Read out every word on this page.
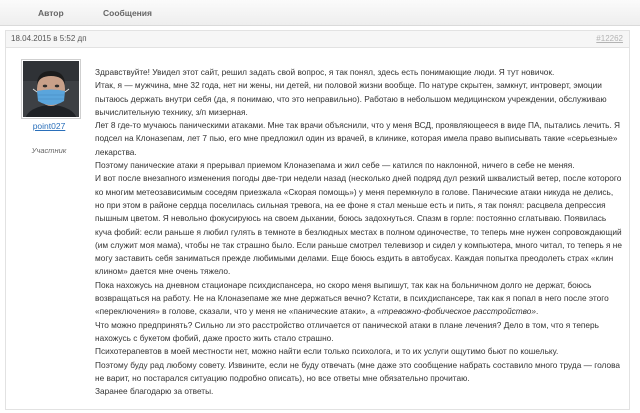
Автор	Сообщения
18.04.2015 в 5:52 дп	#12262
point027
Участник

Здравствуйте! Увидел этот сайт, решил задать свой вопрос, я так понял, здесь есть понимающие люди. Я тут новичок.

Итак, я — мужчина, мне 32 года, нет ни жены, ни детей, ни половой жизни вообще. По натуре скрытен, замкнут, интроверт, эмоции пытаюсь держать внутри себя (да, я понимаю, что это неправильно). Работаю в небольшом медицинском учреждении, обслуживаю вычислительную технику, з/п мизерная.

Лет 8 где-то мучаюсь паническими атаками. Мне так врачи объяснили, что у меня ВСД, проявляющееся в виде ПА, пытались лечить. Я подсел на Клоназепам, лет 7 пью, его мне предложил один из врачей, в клинике, которая имела право выписывать такие «серьезные» лекарства.

Поэтому панические атаки я прерывал приемом Клоназепама и жил себе — катился по наклонной, ничего в себе не меняя.

И вот после внезапного изменения погоды две-три недели назад (несколько дней подряд дул резкий шквалистый ветер, после которого ко многим метеозависимым соседям приезжала «Скорая помощь») у меня перемкнуло в голове. Панические атаки никуда не делись, но при этом в районе сердца поселилась сильная тревога, на ее фоне я стал меньше есть и пить, я так понял: расцвела депрессия пышным цветом. Я невольно фокусируюсь на своем дыхании, боюсь задохнуться. Спазм в горле: постоянно сглатываю. Появилась куча фобий: если раньше я любил гулять в темноте в безлюдных местах в полном одиночестве, то теперь мне нужен сопровождающий (им служит моя мама), чтобы не так страшно было. Если раньше смотрел телевизор и сидел у компьютера, много читал, то теперь я не могу заставить себя заниматься прежде любимыми делами. Еще боюсь ездить в автобусах. Каждая попытка преодолеть страх «клин клином» дается мне очень тяжело.

Пока нахожусь на дневном стационаре психдиспансера, но скоро меня выпишут, так как на больничном долго не держат, боюсь возвращаться на работу. Не на Клоназепаме же мне держаться вечно? Кстати, в психдиспансере, так как я попал в него после этого «переключения» в голове, сказали, что у меня не «панические атаки», а «тревожно-фобическое расстройство».

Что можно предпринять? Сильно ли это расстройство отличается от панической атаки в плане лечения? Дело в том, что я теперь нахожусь с букетом фобий, даже просто жить стало страшно.

Психотерапевтов в моей местности нет, можно найти если только психолога, и то их услуги ощутимо бьют по кошельку.

Поэтому буду рад любому совету. Извините, если не буду отвечать (мне даже это сообщение набрать составило много труда — голова не варит, но постарался ситуацию подробно описать), но все ответы мне обязательно прочитаю.

Заранее благодарю за ответы.
